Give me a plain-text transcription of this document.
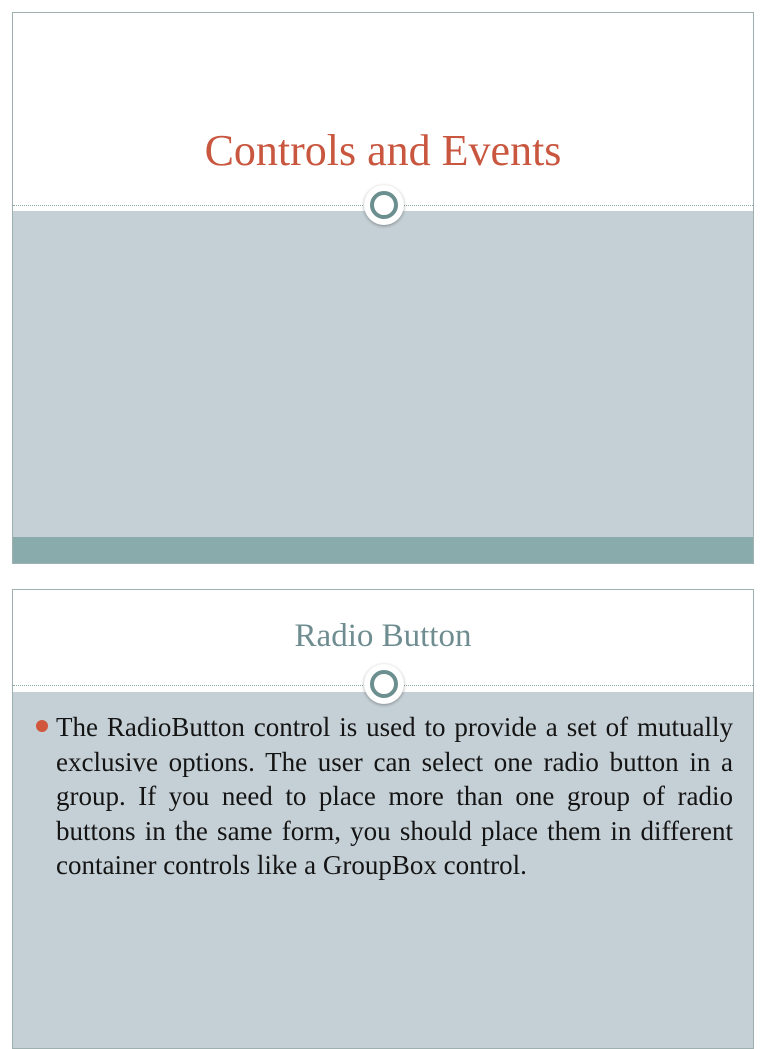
Controls and Events
Radio Button
The RadioButton control is used to provide a set of mutually exclusive options. The user can select one radio button in a group. If you need to place more than one group of radio buttons in the same form, you should place them in different container controls like a GroupBox control.
